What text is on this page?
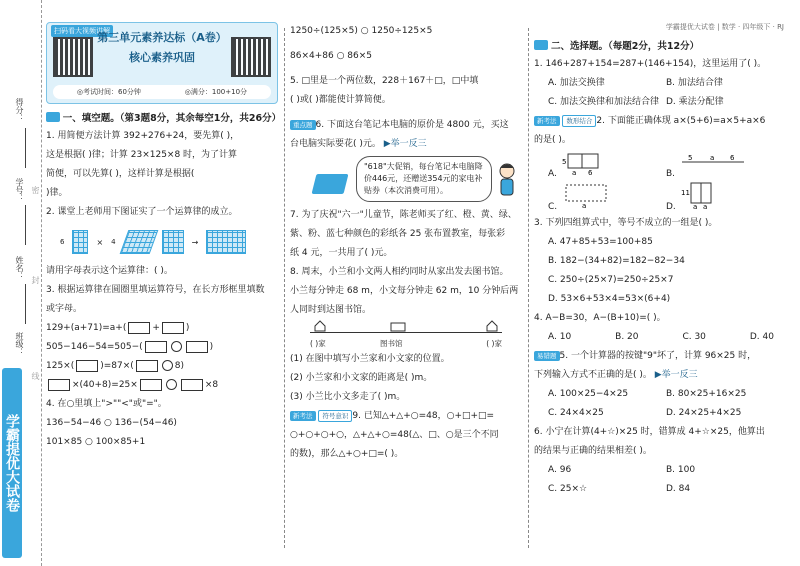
得分：
学号： 密
姓名： 封
班级：
线
学霸提优大试卷
扫码看大视频讲解
第三单元素养达标（A卷）
核心素养巩固
◎考试时间：60分钟	◎满分：100+10分
一、填空题。（第3题8分，其余每空1分，共26分）
1. 用简便方法计算 392+276+24，要先算( )，
这是根据( )律；计算 23×125×8 时，为了计算
简便，可以先算( )，这样计算是根据(
)律。
2. 课堂上老师用下图证实了一个运算律的成立。
6	× 4	→
请用字母表示这个运算律：( )。
3. 根据运算律在圆圈里填运算符号，在长方形框里填数
或字母。
129+(a+71)=a+(	+	)
505−146−54=505−(	)
125×(	)=87×(	8)
×(40+8)=25×	×8
4. 在○里填上">""<"或"="。
136−54−46 ○ 136−(54−46)
101×85 ○ 100×85+1
1250÷(125×5) ○ 1250÷125×5
86×4+86 ○ 86×5
5. □里是一个两位数，228＋167＋□，□中填
( )或( )都能使计算简便。
重点题 6. 下面这台笔记本电脑的原价是 4800 元，买这
台电脑实际要花( )元。 ▶举一反三
"618"大促销，每台笔记本电脑降价446元，还赠送354元的家电补贴券（本次消费可用）。
7. 为了庆祝"六一"儿童节，陈老师买了红、橙、黄、绿、
紫、粉、蓝七种颜色的彩纸各 25 张布置教室，每张彩
纸 4 元，一共用了( )元。
8. 周末，小兰和小文两人相约同时从家出发去图书馆。
小兰每分钟走 68 m，小文每分钟走 62 m，10 分钟后两
人同时到达图书馆。
( )家	图书馆	( )家
(1) 在图中填写小兰家和小文家的位置。
(2) 小兰家和小文家的距离是( )m。
(3) 小兰比小文多走了( )m。
新考法 符号意识 9. 已知△+△+○=48，○+□+□=
○+○+○+○，△+△+○=48(△、□、○是三个不同
的数)，那么△+○+□=( )。
学霸提优大试卷 | 数学 · 四年级下 · RJ
二、选择题。（每题2分，共12分）
1. 146+287+154=287+(146+154)，这里运用了( )。
A. 加法交换律	B. 加法结合律
C. 加法交换律和加法结合律 D. 乘法分配律
新考法 数形结合 2. 下面能正确体现 a×(5+6)=a×5+a×6
的是( )。
A.
5
a 6	B.
5	a 6
C.	a	D.
11
a a
3. 下列四组算式中，等号不成立的一组是( )。
A. 47+85+53=100+85
B. 182−(34+82)=182−82−34
C. 250÷(25×7)=250÷25×7
D. 53×6+53×4=53×(6+4)
4. A−B=30，A−(B+10)=( )。
A. 10	B. 20	C. 30	D. 40
易错题 5. 一个计算器的按键"9"坏了，计算 96×25 时，
下列输入方式不正确的是( )。 ▶举一反三
A. 100×25−4×25	B. 80×25+16×25
C. 24×4×25	D. 24×25+4×25
6. 小宁在计算(4+☆)×25 时，错算成 4+☆×25，他算出
的结果与正确的结果相差( )。
A. 96	B. 100
C. 25×☆	D. 84
